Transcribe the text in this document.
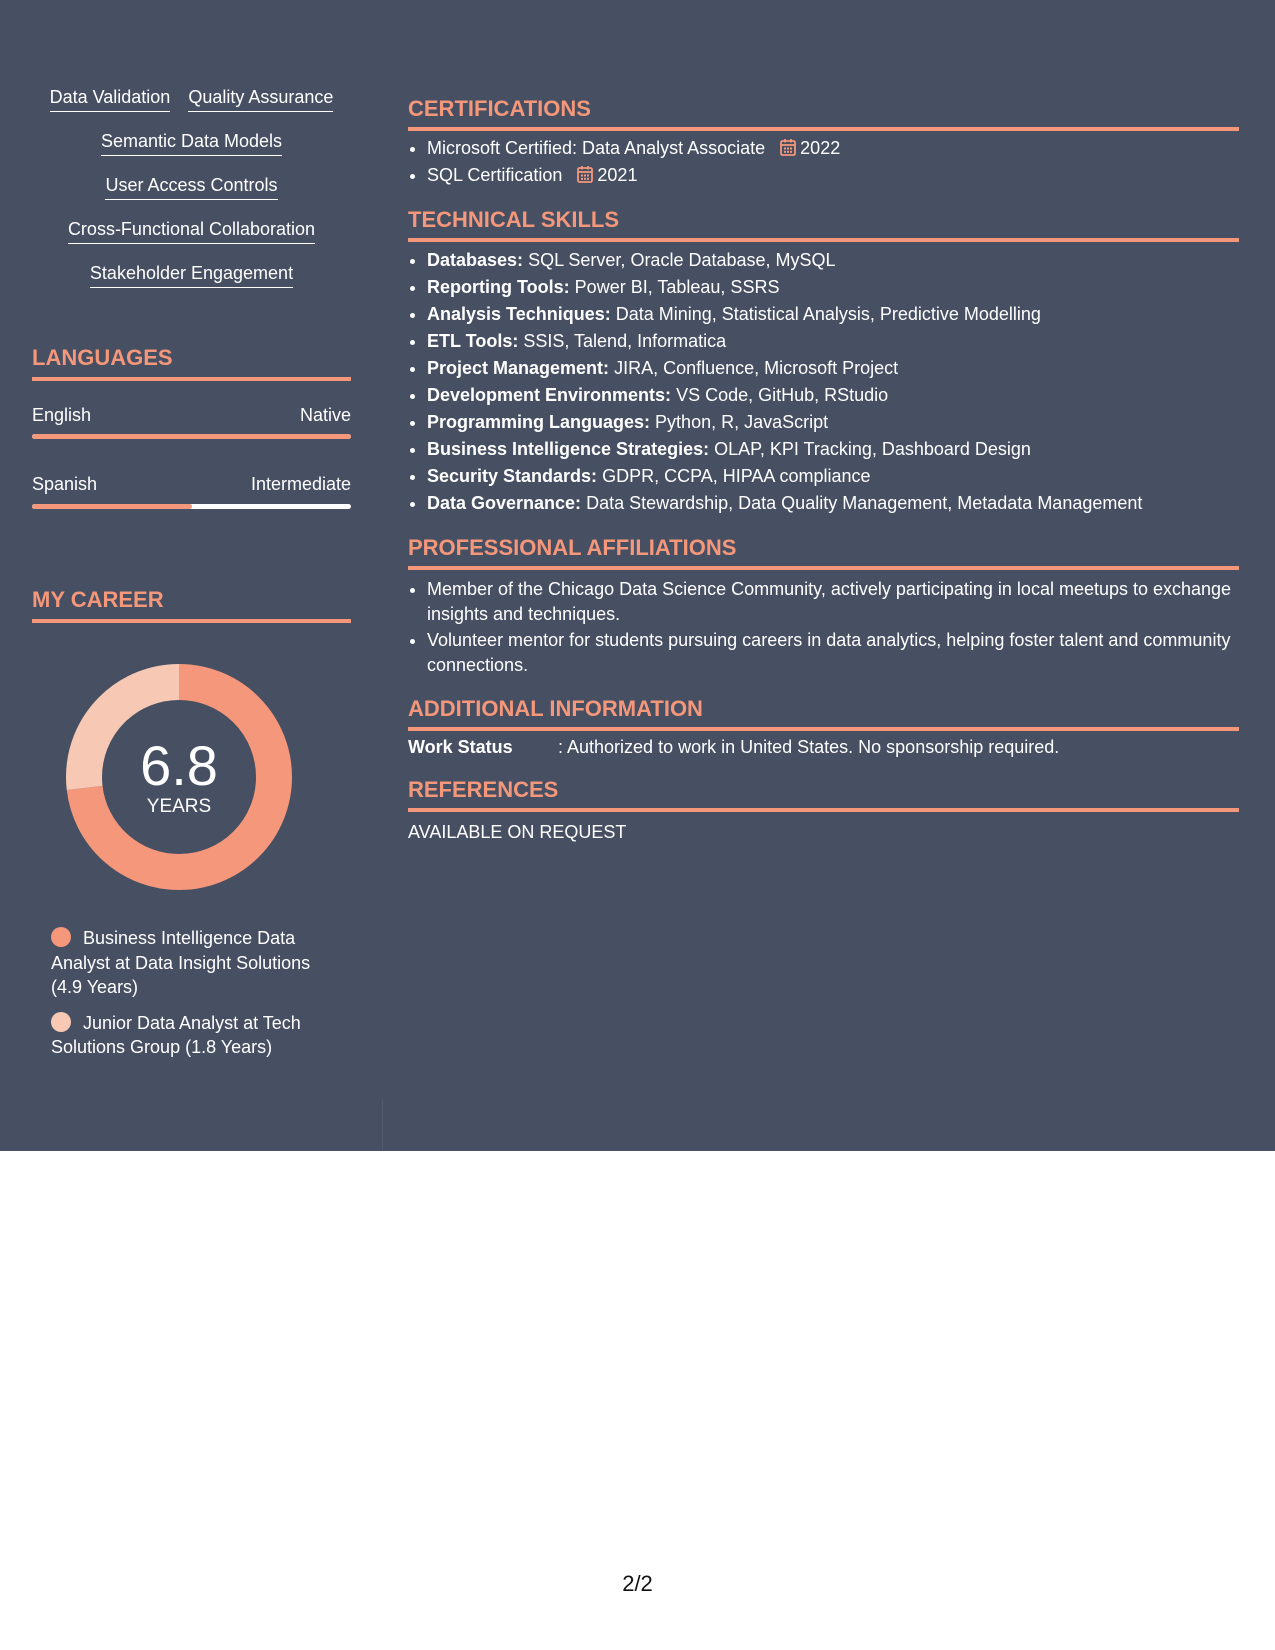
Data Validation Quality Assurance
Semantic Data Models
User Access Controls
Cross-Functional Collaboration
Stakeholder Engagement
LANGUAGES
English	Native
Spanish	Intermediate
MY CAREER
6.8
YEARS
Business Intelligence Data Analyst at Data Insight Solutions (4.9 Years)
Junior Data Analyst at Tech Solutions Group (1.8 Years)
CERTIFICATIONS
• Microsoft Certified: Data Analyst Associate 2022
• SQL Certification 2021
TECHNICAL SKILLS
• Databases: SQL Server, Oracle Database, MySQL
• Reporting Tools: Power BI, Tableau, SSRS
• Analysis Techniques: Data Mining, Statistical Analysis, Predictive Modelling
• ETL Tools: SSIS, Talend, Informatica
• Project Management: JIRA, Confluence, Microsoft Project
• Development Environments: VS Code, GitHub, RStudio
• Programming Languages: Python, R, JavaScript
• Business Intelligence Strategies: OLAP, KPI Tracking, Dashboard Design
• Security Standards: GDPR, CCPA, HIPAA compliance
• Data Governance: Data Stewardship, Data Quality Management, Metadata Management
PROFESSIONAL AFFILIATIONS
• Member of the Chicago Data Science Community, actively participating in local meetups to exchange insights and techniques.
• Volunteer mentor for students pursuing careers in data analytics, helping foster talent and community connections.
ADDITIONAL INFORMATION
Work Status	: Authorized to work in United States. No sponsorship required.
REFERENCES
AVAILABLE ON REQUEST
2/2
